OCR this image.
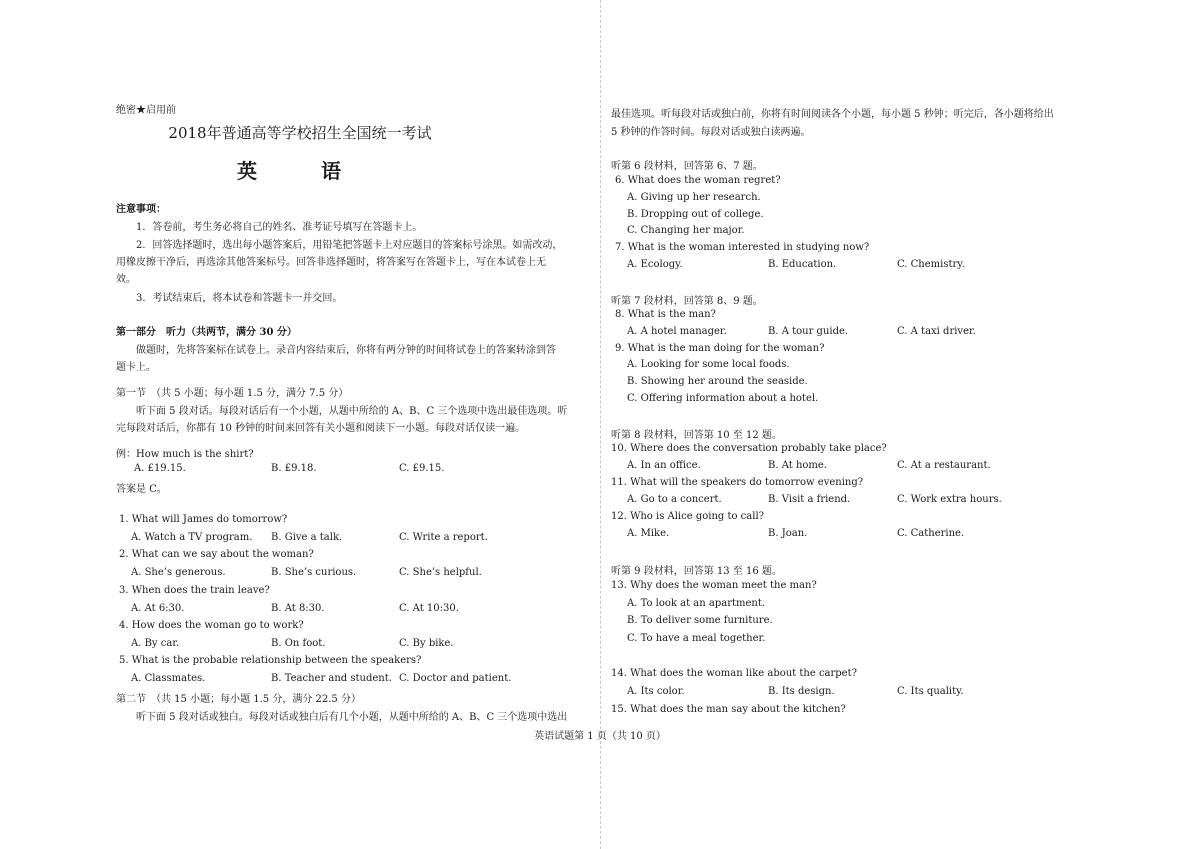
绝密★启用前
2018年普通高等学校招生全国统一考试
英　语
注意事项：
1．答卷前，考生务必将自己的姓名、准考证号填写在答题卡上。
2．回答选择题时，选出每小题答案后，用铅笔把答题卡上对应题目的答案标号涂黑。如需改动，
用橡皮擦干净后，再选涂其他答案标号。回答非选择题时，将答案写在答题卡上，写在本试卷上无
效。
3．考试结束后，将本试卷和答题卡一并交回。
第一部分　听力（共两节，满分 30 分）
做题时，先将答案标在试卷上。录音内容结束后，你将有两分钟的时间将试卷上的答案转涂到答
题卡上。
第一节　（共 5 小题；每小题 1.5 分，满分 7.5 分）
听下面 5 段对话。每段对话后有一个小题，从题中所给的 A、B、C 三个选项中选出最佳选项。听
完每段对话后，你都有 10 秒钟的时间来回答有关小题和阅读下一小题。每段对话仅读一遍。
例：How much is the shirt?
A. £19.15.	B. £9.18.	C. £9.15.
答案是 C。
1. What will James do tomorrow?
A. Watch a TV program. B. Give a talk.	C. Write a report.
2. What can we say about the woman?
A. She’s generous.	B. She’s curious.	C. She’s helpful.
3. When does the train leave?
A. At 6:30.	B. At 8:30.	C. At 10:30.
4. How does the woman go to work?
A. By car.	B. On foot.	C. By bike.
5. What is the probable relationship between the speakers?
A. Classmates.	B. Teacher and student. C. Doctor and patient.
第二节　（共 15 小题；每小题 1.5 分，满分 22.5 分）
听下面 5 段对话或独白。每段对话或独白后有几个小题，从题中所给的 A、B、C 三个选项中选出
最佳选项。听每段对话或独白前，你将有时间阅读各个小题，每小题 5 秒钟；听完后，各小题将给出
5 秒钟的作答时间。每段对话或独白读两遍。
听第 6 段材料，回答第 6、7 题。
6. What does the woman regret?
A. Giving up her research.
B. Dropping out of college.
C. Changing her major.
7. What is the woman interested in studying now?
A. Ecology.	B. Education.	C. Chemistry.
听第 7 段材料，回答第 8、9 题。
8. What is the man?
A. A hotel manager.	B. A tour guide.	C. A taxi driver.
9. What is the man doing for the woman?
A. Looking for some local foods.
B. Showing her around the seaside.
C. Offering information about a hotel.
听第 8 段材料，回答第 10 至 12 题。
10. Where does the conversation probably take place?
A. In an office.	B. At home.	C. At a restaurant.
11. What will the speakers do tomorrow evening?
A. Go to a concert.	B. Visit a friend.	C. Work extra hours.
12. Who is Alice going to call?
A. Mike.	B. Joan.	C. Catherine.
听第 9 段材料，回答第 13 至 16 题。
13. Why does the woman meet the man?
A. To look at an apartment.
B. To deliver some furniture.
C. To have a meal together.
14. What does the woman like about the carpet?
A. Its color.	B. Its design.	C. Its quality.
15. What does the man say about the kitchen?
英语试题第 1 页（共 10 页）
